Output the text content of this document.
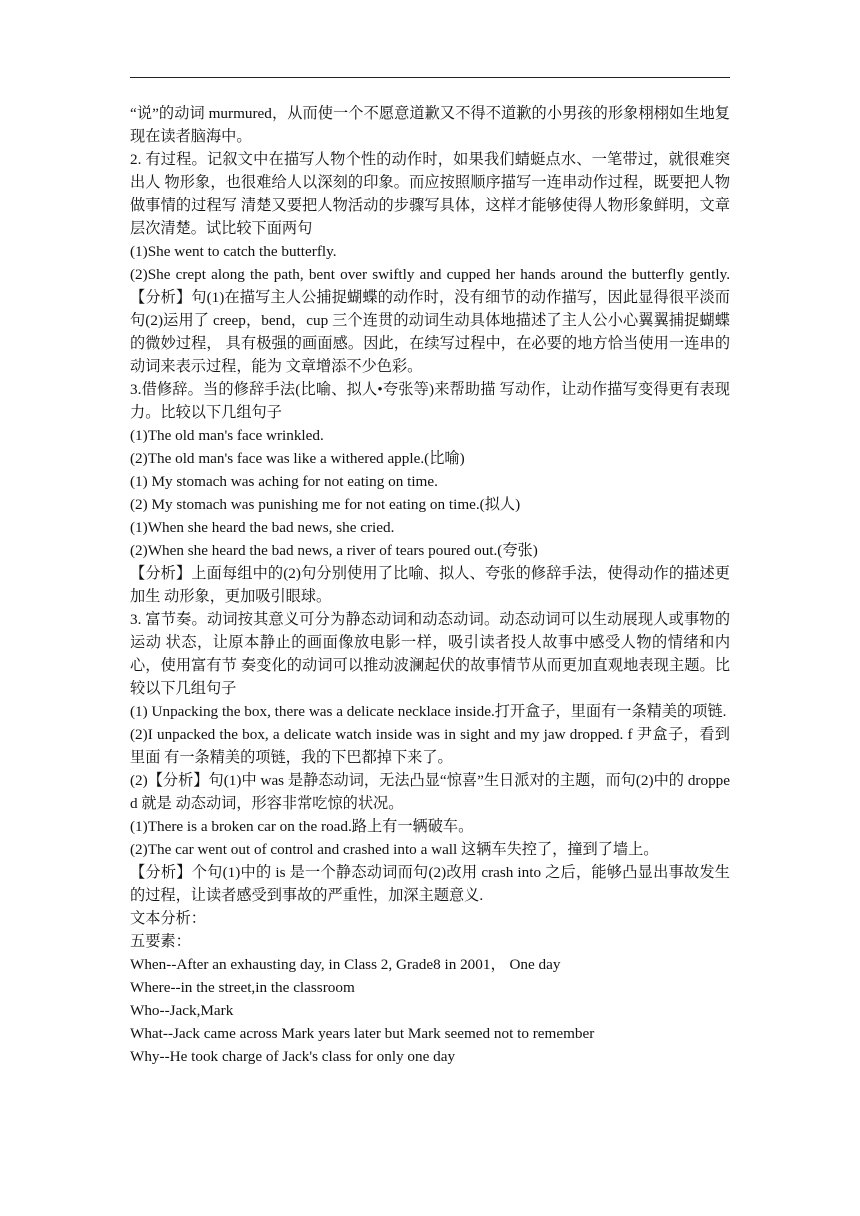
“说”的动词 murmured，从而使一个不愿意道歉又不得不道歉的小男孩的形象栩栩如生地复现在读者脑海中。

2. 有过程。记叙文中在描写人物个性的动作时，如果我们蜻蜓点水、一笔带过，就很难突出人 物形象，也很难给人以深刻的印象。而应按照顺序描写一连串动作过程，既要把人物做事情的过程写 清楚又要把人物活动的步骤写具体，这样才能够使得人物形象鲜明，文章层次清楚。试比较下面两句

(1)She went to catch the butterfly.

(2)She crept along the path, bent over swiftly and cupped her hands around the butterfly gently.【分析】句(1)在描写主人公捕捉蝴蝶的动作时，没有细节的动作描写，因此显得很平淡而句(2)运用了 creep，bend，cup 三个连贯的动词生动具体地描述了主人公小心翼翼捕捉蝴蝶的微妙过程， 具有极强的画面感。因此，在续写过程中，在必要的地方恰当使用一连串的动词来表示过程，能为 文章增添不少色彩。

3.借修辞。当的修辞手法(比喻、拟人•夸张等)来帮助描 写动作，让动作描写变得更有表现力。比较以下几组句子

(1)The old man's face wrinkled.

(2)The old man's face was like a withered apple.(比喻)

(1) My stomach was aching for not eating on time.

(2) My stomach was punishing me for not eating on time.(拟人)

(1)When she heard the bad news, she cried.

(2)When she heard the bad news, a river of tears poured out.(夸张)

【分析】上面每组中的(2)句分别使用了比喻、拟人、夸张的修辞手法，使得动作的描述更加生 动形象，更加吸引眼球。

3. 富节奏。动词按其意义可分为静态动词和动态动词。动态动词可以生动展现人或事物的运动 状态，让原本静止的画面像放电影一样，吸引读者投人故事中感受人物的情绪和内心，使用富有节 奏变化的动词可以推动波澜起伏的故事情节从而更加直观地表现主题。比较以下几组句子

(1) Unpacking the box, there was a delicate necklace inside.打开盒子，里面有一条精美的项链.

(2)I unpacked the box, a delicate watch inside was in sight and my jaw dropped. f 尹盒子，看到里面 有一条精美的项链，我的下巴都掉下来了。

(2)【分析】句(1)中 was 是静态动词，无法凸显“惊喜”生日派对的主题，而句(2)中的 dropped 就是 动态动词，形容非常吃惊的状况。

(1)There is a broken car on the road.路上有一辆破车。

(2)The car went out of control and crashed into a wall 这辆车失控了，撞到了墙上。

【分析】个句(1)中的 is 是一个静态动词而句(2)改用 crash into 之后，能够凸显出事故发生的过程，让读者感受到事故的严重性，加深主题意义.

文本分析：

五要素：

When--After an exhausting day, in Class 2, Grade8 in 2001， One day

Where--in the street,in the classroom

Who--Jack,Mark

What--Jack came across Mark years later but Mark seemed not to remember

Why--He took charge of Jack's class for only one day
